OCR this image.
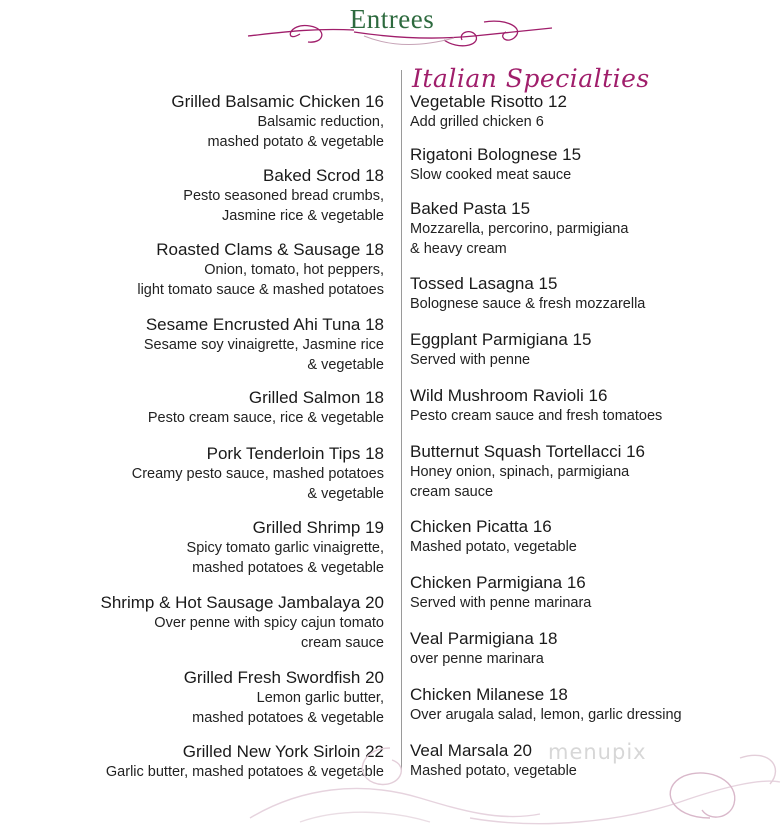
Entrees
Italian Specialties
Grilled Balsamic Chicken 16
Balsamic reduction,
mashed potato & vegetable
Baked Scrod 18
Pesto seasoned bread crumbs,
Jasmine rice & vegetable
Roasted Clams & Sausage 18
Onion, tomato, hot peppers,
light tomato sauce & mashed potatoes
Sesame Encrusted Ahi Tuna 18
Sesame soy vinaigrette, Jasmine rice
& vegetable
Grilled Salmon 18
Pesto cream sauce, rice & vegetable
Pork Tenderloin Tips 18
Creamy pesto sauce, mashed potatoes
& vegetable
Grilled Shrimp 19
Spicy tomato garlic vinaigrette,
mashed potatoes & vegetable
Shrimp & Hot Sausage Jambalaya 20
Over penne with spicy cajun tomato
cream sauce
Grilled Fresh Swordfish 20
Lemon garlic butter,
mashed potatoes & vegetable
Grilled New York Sirloin 22
Garlic butter, mashed potatoes & vegetable
Vegetable Risotto 12
Add grilled chicken 6
Rigatoni Bolognese 15
Slow cooked meat sauce
Baked Pasta 15
Mozzarella, percorino, parmigiana
& heavy cream
Tossed Lasagna 15
Bolognese sauce & fresh mozzarella
Eggplant Parmigiana 15
Served with penne
Wild Mushroom Ravioli 16
Pesto cream sauce and fresh tomatoes
Butternut Squash Tortellacci 16
Honey onion, spinach, parmigiana
cream sauce
Chicken Picatta 16
Mashed potato, vegetable
Chicken Parmigiana 16
Served with penne marinara
Veal Parmigiana 18
over penne marinara
Chicken Milanese 18
Over arugala salad, lemon, garlic dressing
Veal Marsala 20
Mashed potato, vegetable
menupix
